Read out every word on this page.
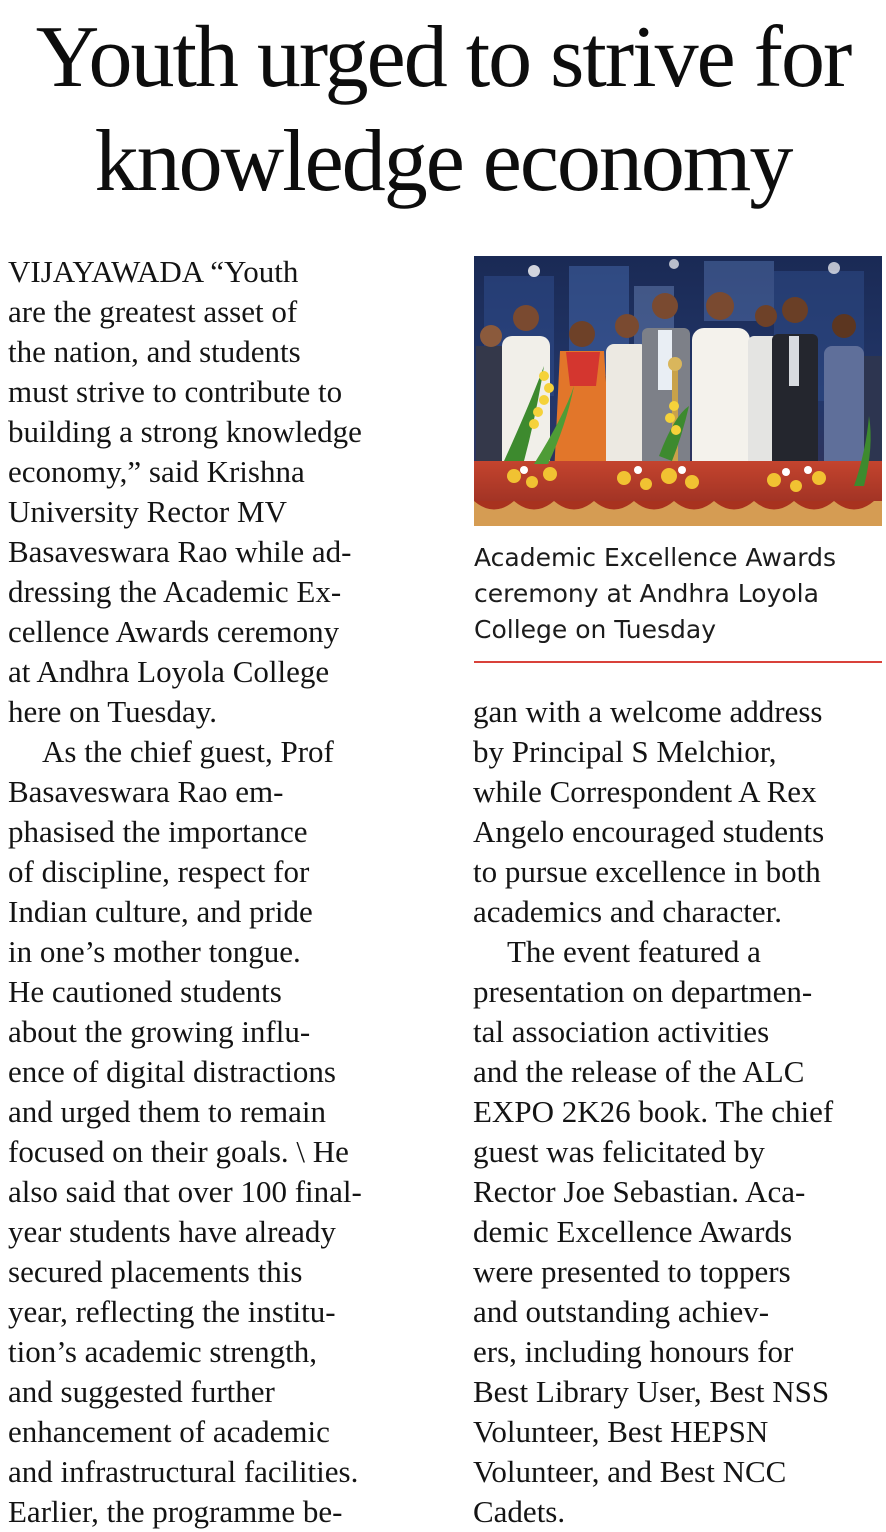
Youth urged to strive for
knowledge economy
Academic Excellence Awards
ceremony at Andhra Loyola
College on Tuesday
VIJAYAWADA “Youth
are the greatest asset of
the nation, and students
must strive to contribute to
building a strong knowledge
economy,” said Krishna
University Rector MV
Basaveswara Rao while ad-
dressing the Academic Ex-
cellence Awards ceremony
at Andhra Loyola College
here on Tuesday.
As the chief guest, Prof
Basaveswara Rao em-
phasised the importance
of discipline, respect for
Indian culture, and pride
in one’s mother tongue.
He cautioned students
about the growing influ-
ence of digital distractions
and urged them to remain
focused on their goals. \ He
also said that over 100 final-
year students have already
secured placements this
year, reflecting the institu-
tion’s academic strength,
and suggested further
enhancement of academic
and infrastructural facilities.
Earlier, the programme be-
gan with a welcome address
by Principal S Melchior,
while Correspondent A Rex
Angelo encouraged students
to pursue excellence in both
academics and character.
The event featured a
presentation on departmen-
tal association activities
and the release of the ALC
EXPO 2K26 book. The chief
guest was felicitated by
Rector Joe Sebastian. Aca-
demic Excellence Awards
were presented to toppers
and outstanding achiev-
ers, including honours for
Best Library User, Best NSS
Volunteer, Best HEPSN
Volunteer, and Best NCC
Cadets.
